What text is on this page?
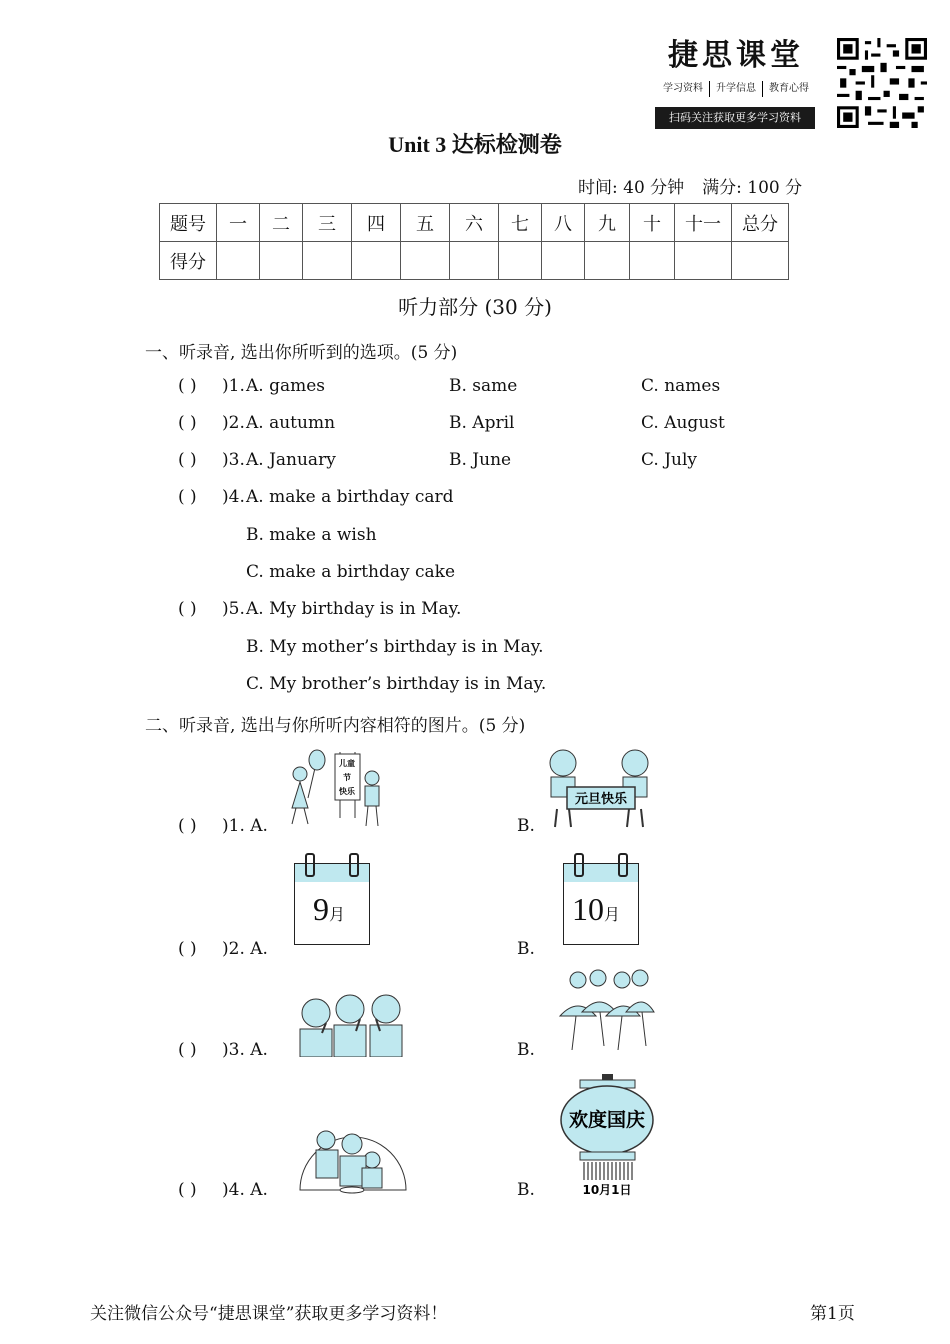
捷思课堂
学习资料	升学信息	教育心得
扫码关注获取更多学习资料
Unit 3 达标检测卷
时间: 40 分钟 满分: 100 分
题号	一	二	三	四	五	六	七	八	九	十	十一	总分
得分												
听力部分 (30 分)
一、听录音, 选出你所听到的选项。(5 分)
( ) )1. A. games	B. same	C. names
( ) )2. A. autumn	B. April	C. August
( ) )3. A. January	B. June	C. July
( ) )4. A. make a birthday card
B. make a wish
C. make a birthday cake
( ) )5. A. My birthday is in May.
B. My mother’s birthday is in May.
C. My brother’s birthday is in May.
二、听录音, 选出与你所听内容相符的图片。(5 分)
( ) )1. A.	B.
儿童
节
快乐
元旦快乐
( ) )2. A.	B.
9月	10月
( ) )3. A.	B.
( ) )4. A.	B.
欢度国庆
10月1日
关注微信公众号“捷思课堂”获取更多学习资料！	第1页
